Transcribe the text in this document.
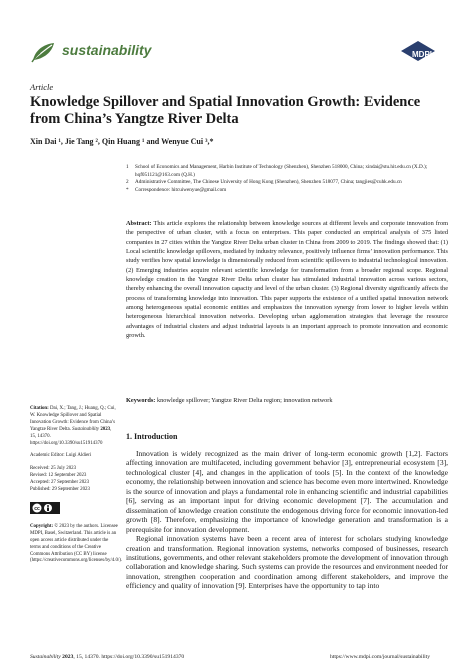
sustainability	MDPI
Article
Knowledge Spillover and Spatial Innovation Growth: Evidence from China’s Yangtze River Delta
Xin Dai ¹, Jie Tang ², Qin Huang ¹ and Wenyue Cui ³,*
1 School of Economics and Management, Harbin Institute of Technology (Shenzhen), Shenzhen 518000, China; xindai@stu.hit.edu.cn (X.D.); hqf051121@163.com (Q.H.)
2 Administrative Committee, The Chinese University of Hong Kong (Shenzhen), Shenzhen 518077, China; tangjies@cuhk.edu.cn
* Correspondence: hitcuiwenyue@gmail.com
Abstract: This article explores the relationship between knowledge sources at different levels and corporate innovation from the perspective of urban cluster, with a focus on enterprises. This paper conducted an empirical analysis of 375 listed companies in 27 cities within the Yangtze River Delta urban cluster in China from 2009 to 2019. The findings showed that: (1) Local scientific knowledge spillovers, mediated by industry relevance, positively influence firms’ innovation performance. This study verifies how spatial knowledge is dimensionally reduced from scientific spillovers to industrial technological innovation. (2) Emerging industries acquire relevant scientific knowledge for transformation from a broader regional scope. Regional knowledge creation in the Yangtze River Delta urban cluster has stimulated industrial innovation across various sectors, thereby enhancing the overall innovation capacity and level of the urban cluster. (3) Regional diversity significantly affects the process of transforming knowledge into innovation. This paper supports the existence of a unified spatial innovation network among heterogeneous spatial economic entities and emphasizes the innovation synergy from lower to higher levels within heterogeneous hierarchical innovation networks. Developing urban agglomeration strategies that leverage the resource advantages of industrial clusters and adjust industrial layouts is an important approach to promote innovation and economic growth.
Keywords: knowledge spillover; Yangtze River Delta region; innovation network
Citation: Dai, X.; Tang, J.; Huang, Q.; Cui, W. Knowledge Spillover and Spatial Innovation Growth: Evidence from China’s Yangtze River Delta. Sustainability 2023, 15, 14370. https://doi.org/10.3390/su151914370
Academic Editor: Luigi Aldieri
Received: 25 July 2023
Revised: 12 September 2023
Accepted: 27 September 2023
Published: 29 September 2023
cc
Copyright: © 2023 by the authors. Licensee MDPI, Basel, Switzerland. This article is an open access article distributed under the terms and conditions of the Creative Commons Attribution (CC BY) license (https://creativecommons.org/licenses/by/4.0/).
1. Introduction

Innovation is widely recognized as the main driver of long-term economic growth [1,2]. Factors affecting innovation are multifaceted, including government behavior [3], entrepreneurial ecosystem [3], technological cluster [4], and changes in the application of tools [5]. In the context of the knowledge economy, the relationship between innovation and science has become even more intertwined. Knowledge is the source of innovation and plays a fundamental role in enhancing scientific and industrial capabilities [6], serving as an important input for driving economic development [7]. The accumulation and dissemination of knowledge creation constitute the endogenous driving force for economic innovation-led growth [8]. Therefore, emphasizing the importance of knowledge generation and transformation is a prerequisite for innovation development.

Regional innovation systems have been a recent area of interest for scholars studying knowledge creation and transformation. Regional innovation systems, networks composed of businesses, research institutions, governments, and other relevant stakeholders promote the development of innovation through collaboration and knowledge sharing. Such systems can provide the resources and environment needed for innovation, strengthen cooperation and coordination among different stakeholders, and improve the efficiency and quality of innovation [9]. Enterprises have the opportunity to tap into

Sustainability 2023, 15, 14370. https://doi.org/10.3390/su151914370	https://www.mdpi.com/journal/sustainability
